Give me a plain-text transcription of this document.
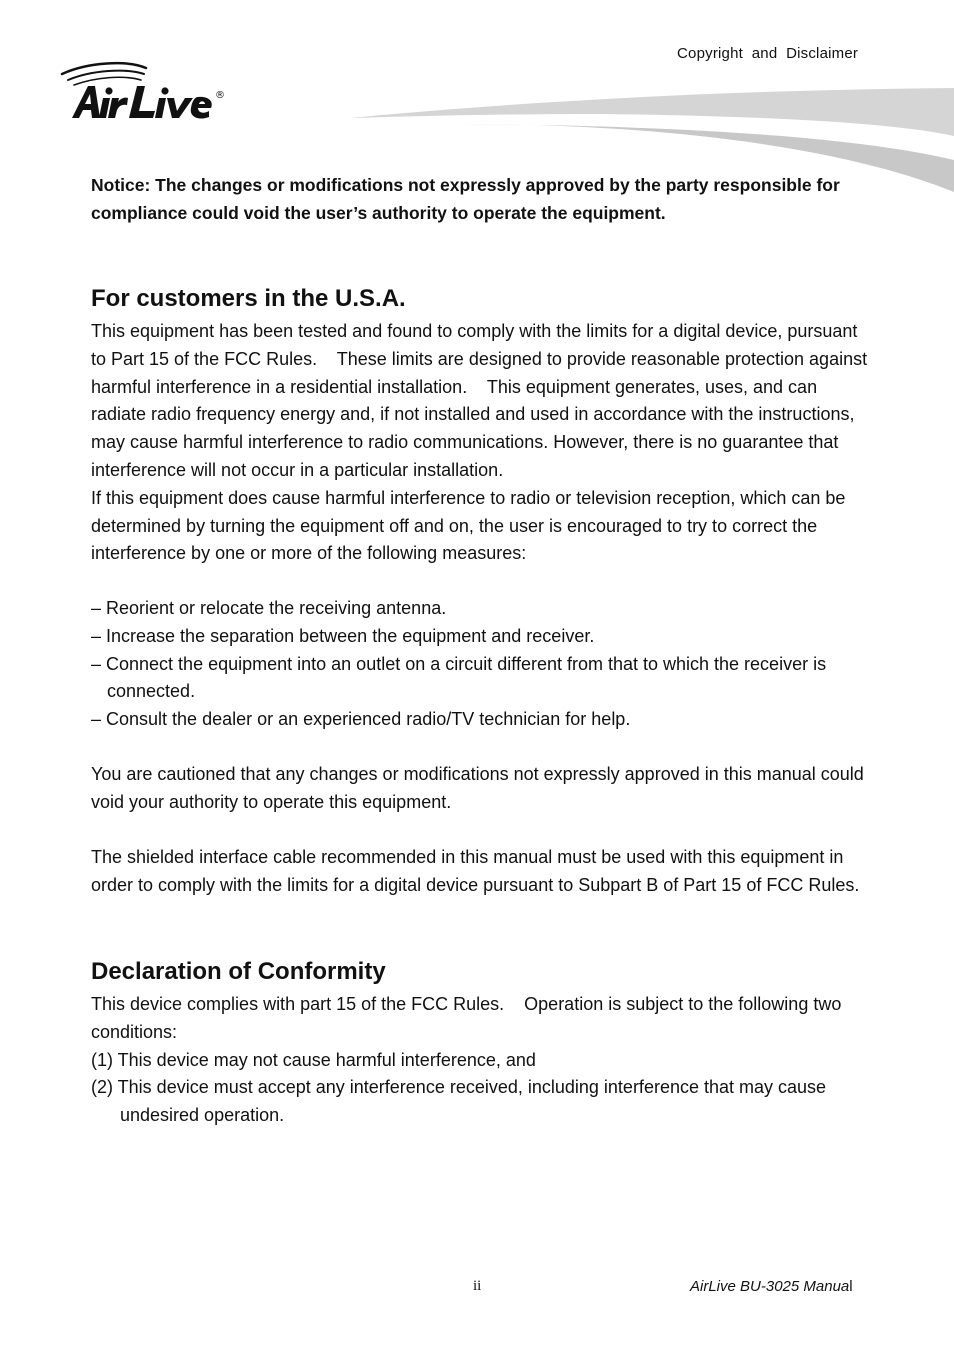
Copyright  and  Disclaimer
®

Notice: The changes or modifications not expressly approved by the party responsible for compliance could void the user’s authority to operate the equipment.

For customers in the U.S.A.

This equipment has been tested and found to comply with the limits for a digital device, pursuant to Part 15 of the FCC Rules.    These limits are designed to provide reasonable protection against harmful interference in a residential installation.    This equipment generates, uses, and can radiate radio frequency energy and, if not installed and used in accordance with the instructions, may cause harmful interference to radio communications. However, there is no guarantee that interference will not occur in a particular installation.

If this equipment does cause harmful interference to radio or television reception, which can be determined by turning the equipment off and on, the user is encouraged to try to correct the interference by one or more of the following measures:

– Reorient or relocate the receiving antenna.

– Increase the separation between the equipment and receiver.

– Connect the equipment into an outlet on a circuit different from that to which the receiver is connected.

– Consult the dealer or an experienced radio/TV technician for help.

You are cautioned that any changes or modifications not expressly approved in this manual could void your authority to operate this equipment.

The shielded interface cable recommended in this manual must be used with this equipment in order to comply with the limits for a digital device pursuant to Subpart B of Part 15 of FCC Rules.

Declaration of Conformity

This device complies with part 15 of the FCC Rules.    Operation is subject to the following two conditions:

(1) This device may not cause harmful interference, and

(2) This device must accept any interference received, including interference that may cause undesired operation.

ii	AirLive BU-3025 Manual
